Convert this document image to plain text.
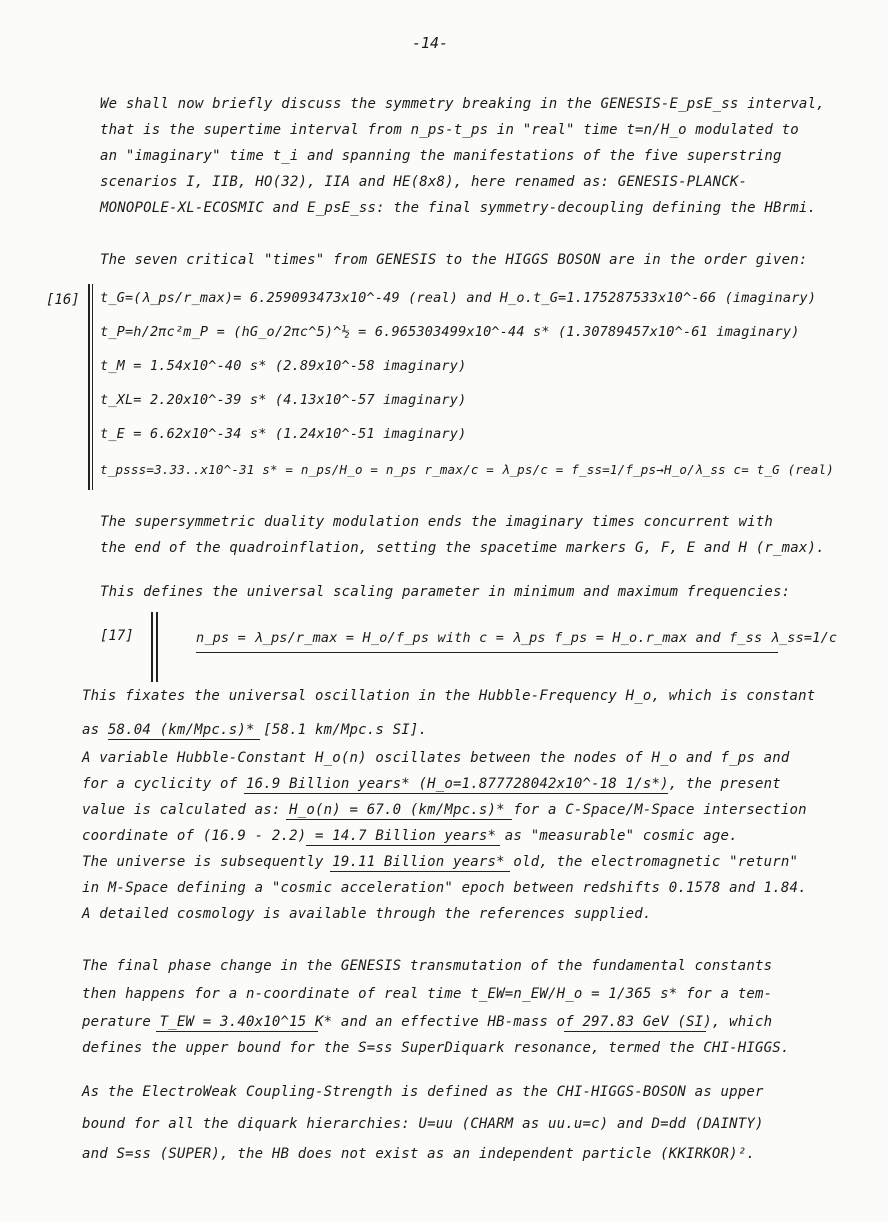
-14-
We shall now briefly discuss the symmetry breaking in the GENESIS-E_psE_ss interval,
that is the supertime interval from n_ps-t_ps in "real" time t=n/H_o modulated to
an "imaginary" time t_i and spanning the manifestations of the five superstring
scenarios I, IIB, HO(32), IIA and HE(8x8), here renamed as: GENESIS-PLANCK-
MONOPOLE-XL-ECOSMIC and E_psE_ss: the final symmetry-decoupling defining the HBrmi.
The seven critical "times" from GENESIS to the HIGGS BOSON are in the order given:
[16] t_G=(λ_ps/r_max)= 6.259093473x10^-49 (real) and H_o.t_G=1.175287533x10^-66 (imaginary)
t_P=h/2πc²m_P = (hG_o/2πc^5)^½ = 6.965303499x10^-44 s* (1.30789457x10^-61 imaginary)
t_M = 1.54x10^-40 s* (2.89x10^-58 imaginary)
t_XL= 2.20x10^-39 s* (4.13x10^-57 imaginary)
t_E = 6.62x10^-34 s* (1.24x10^-51 imaginary)
t_psss=3.33..x10^-31 s* = n_ps/H_o = n_ps r_max/c = λ_ps/c = f_ss=1/f_ps→H_o/λ_ss c= t_G (real)
The supersymmetric duality modulation ends the imaginary times concurrent with
the end of the quadroinflation, setting the spacetime markers G, F, E and H (r_max).
This defines the universal scaling parameter in minimum and maximum frequencies:
[17]	n_ps = λ_ps/r_max = H_o/f_ps with c = λ_ps f_ps = H_o.r_max and f_ss λ_ss=1/c
This fixates the universal oscillation in the Hubble-Frequency H_o, which is constant
as 58.04 (km/Mpc.s)* [58.1 km/Mpc.s SI].
A variable Hubble-Constant H_o(n) oscillates between the nodes of H_o and f_ps and
for a cyclicity of 16.9 Billion years* (H_o=1.877728042x10^-18 1/s*), the present
value is calculated as: H_o(n) = 67.0 (km/Mpc.s)* for a C-Space/M-Space intersection
coordinate of (16.9 - 2.2) = 14.7 Billion years* as "measurable" cosmic age.
The universe is subsequently 19.11 Billion years* old, the electromagnetic "return"
in M-Space defining a "cosmic acceleration" epoch between redshifts 0.1578 and 1.84.
A detailed cosmology is available through the references supplied.
The final phase change in the GENESIS transmutation of the fundamental constants
then happens for a n-coordinate of real time t_EW=n_EW/H_o = 1/365 s* for a tem-
perature T_EW = 3.40x10^15 K* and an effective HB-mass of 297.83 GeV (SI), which
defines the upper bound for the S=ss SuperDiquark resonance, termed the CHI-HIGGS.
As the ElectroWeak Coupling-Strength is defined as the CHI-HIGGS-BOSON as upper
bound for all the diquark hierarchies: U=uu (CHARM as uu.u=c) and D=dd (DAINTY)
and S=ss (SUPER), the HB does not exist as an independent particle (KKIRKOR)².
